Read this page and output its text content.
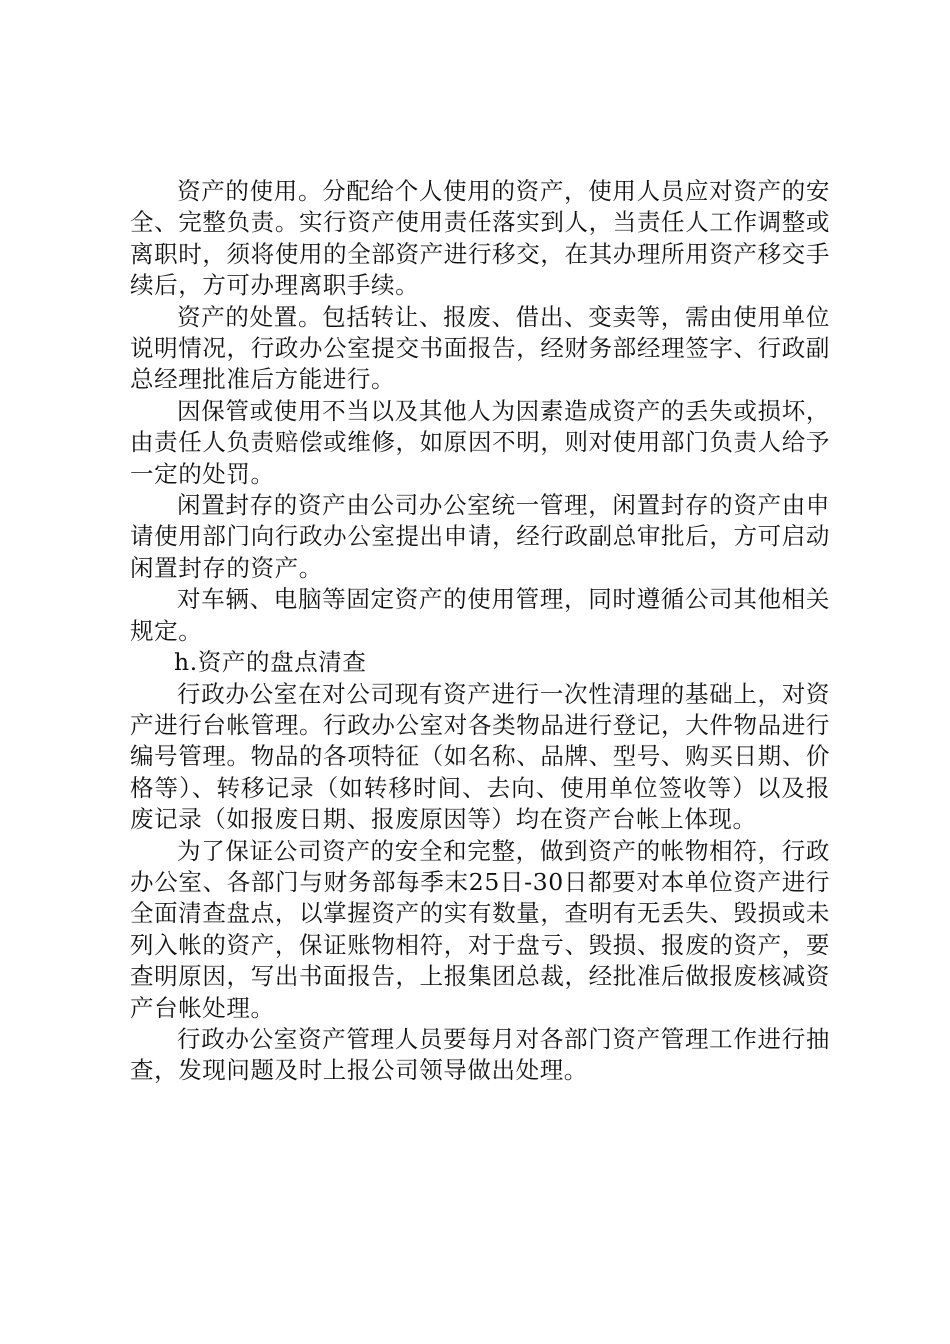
资产的使用。分配给个人使用的资产，使用人员应对资产的安全、完整负责。实行资产使用责任落实到人，当责任人工作调整或离职时，须将使用的全部资产进行移交，在其办理所用资产移交手续后，方可办理离职手续。

资产的处置。包括转让、报废、借出、变卖等，需由使用单位说明情况，行政办公室提交书面报告，经财务部经理签字、行政副总经理批准后方能进行。

因保管或使用不当以及其他人为因素造成资产的丢失或损坏，由责任人负责赔偿或维修，如原因不明，则对使用部门负责人给予一定的处罚。

闲置封存的资产由公司办公室统一管理，闲置封存的资产由申请使用部门向行政办公室提出申请，经行政副总审批后，方可启动闲置封存的资产。

对车辆、电脑等固定资产的使用管理，同时遵循公司其他相关规定。

h.资产的盘点清查

行政办公室在对公司现有资产进行一次性清理的基础上，对资产进行台帐管理。行政办公室对各类物品进行登记，大件物品进行编号管理。物品的各项特征（如名称、品牌、型号、购买日期、价格等）、转移记录（如转移时间、去向、使用单位签收等）以及报废记录（如报废日期、报废原因等）均在资产台帐上体现。

为了保证公司资产的安全和完整，做到资产的帐物相符，行政办公室、各部门与财务部每季末25日-30日都要对本单位资产进行全面清查盘点，以掌握资产的实有数量，查明有无丢失、毁损或未列入帐的资产，保证账物相符，对于盘亏、毁损、报废的资产，要查明原因，写出书面报告，上报集团总裁，经批准后做报废核减资产台帐处理。

行政办公室资产管理人员要每月对各部门资产管理工作进行抽查，发现问题及时上报公司领导做出处理。
